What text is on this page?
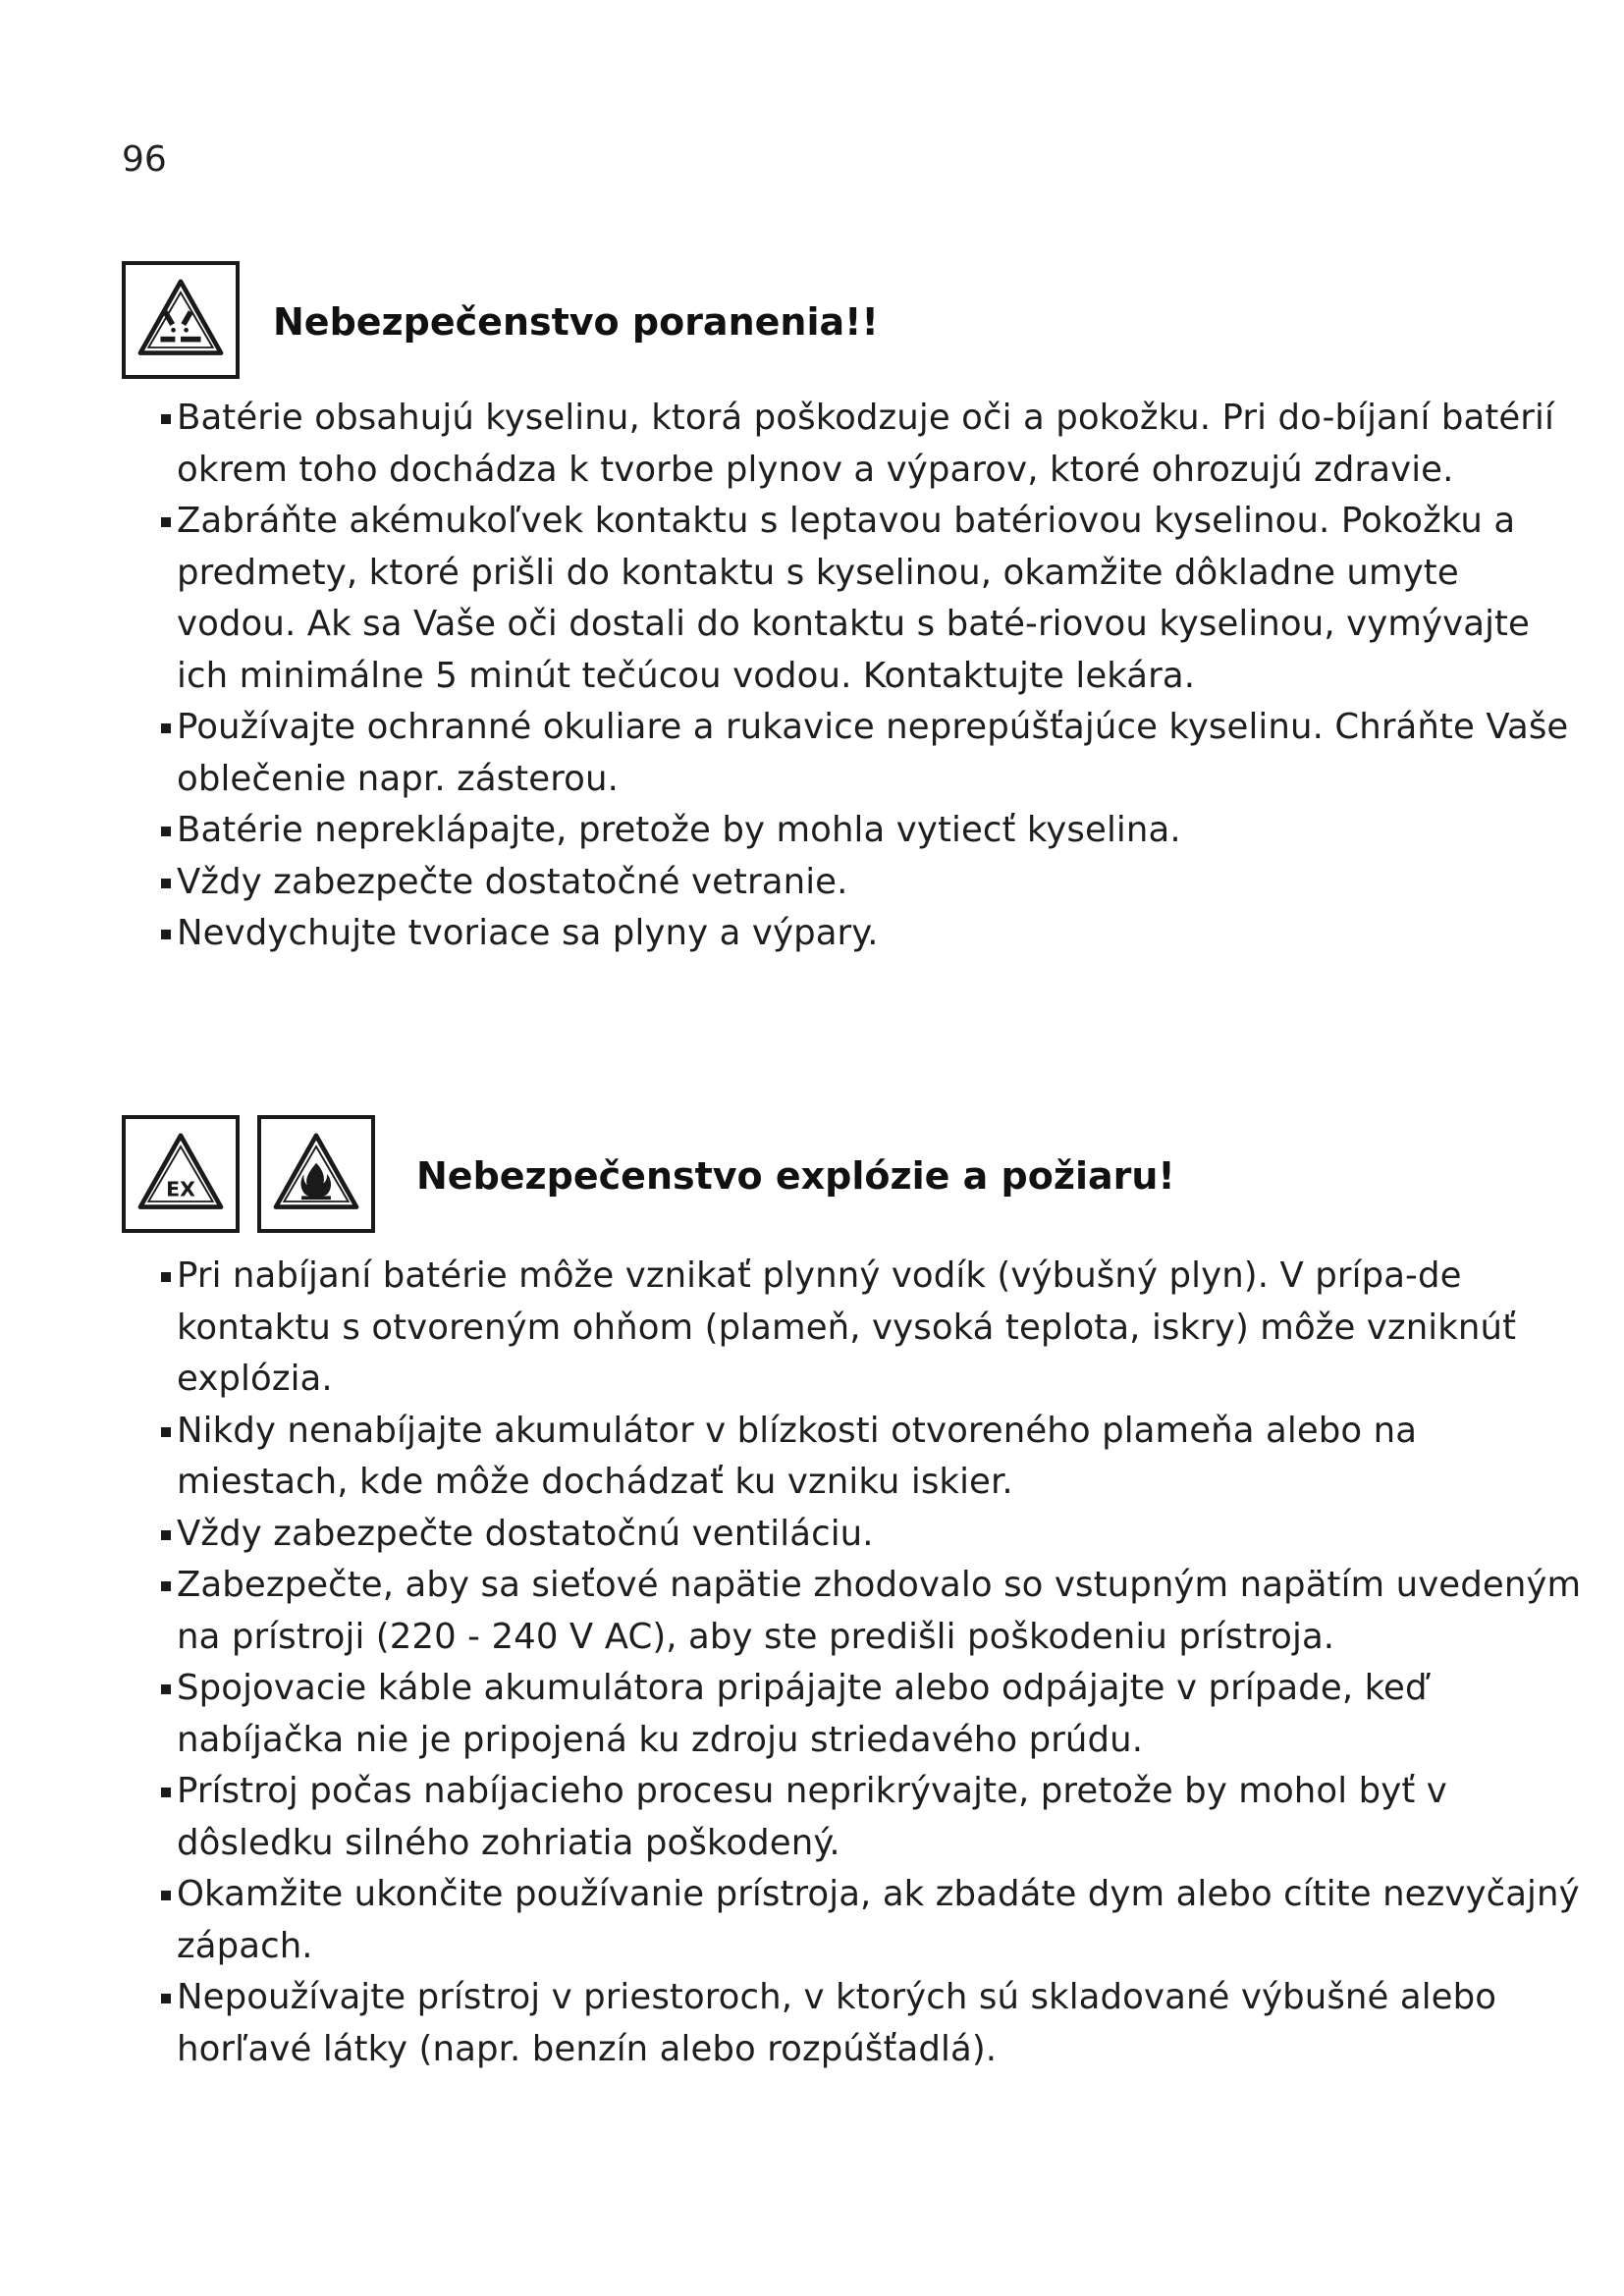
96
Nebezpečenstvo poranenia!!
Batérie obsahujú kyselinu, ktorá poškodzuje oči a pokožku. Pri do-bíjaní batérií okrem toho dochádza k tvorbe plynov a výparov, ktoré ohrozujú zdravie.
Zabráňte akémukoľvek kontaktu s leptavou batériovou kyselinou. Pokožku a predmety, ktoré prišli do kontaktu s kyselinou, okamžite dôkladne umyte vodou. Ak sa Vaše oči dostali do kontaktu s baté-riovou kyselinou, vymývajte ich minimálne 5 minút tečúcou vodou. Kontaktujte lekára.
Používajte ochranné okuliare a rukavice neprepúšťajúce kyselinu. Chráňte Vaše oblečenie napr. zásterou.
Batérie nepreklápajte, pretože by mohla vytiecť kyselina.
Vždy zabezpečte dostatočné vetranie.
Nevdychujte tvoriace sa plyny a výpary.
EX	Nebezpečenstvo explózie a požiaru!
Pri nabíjaní batérie môže vznikať plynný vodík (výbušný plyn). V prípa-de kontaktu s otvoreným ohňom (plameň, vysoká teplota, iskry) môže vzniknúť explózia.
Nikdy nenabíjajte akumulátor v blízkosti otvoreného plameňa alebo na miestach, kde môže dochádzať ku vzniku iskier.
Vždy zabezpečte dostatočnú ventiláciu.
Zabezpečte, aby sa sieťové napätie zhodovalo so vstupným napätím uvedeným na prístroji (220 - 240 V AC), aby ste predišli poškodeniu prístroja.
Spojovacie káble akumulátora pripájajte alebo odpájajte v prípade, keď nabíjačka nie je pripojená ku zdroju striedavého prúdu.
Prístroj počas nabíjacieho procesu neprikrývajte, pretože by mohol byť v dôsledku silného zohriatia poškodený.
Okamžite ukončite používanie prístroja, ak zbadáte dym alebo cítite nezvyčajný zápach.
Nepoužívajte prístroj v priestoroch, v ktorých sú skladované výbušné alebo horľavé látky (napr. benzín alebo rozpúšťadlá).
